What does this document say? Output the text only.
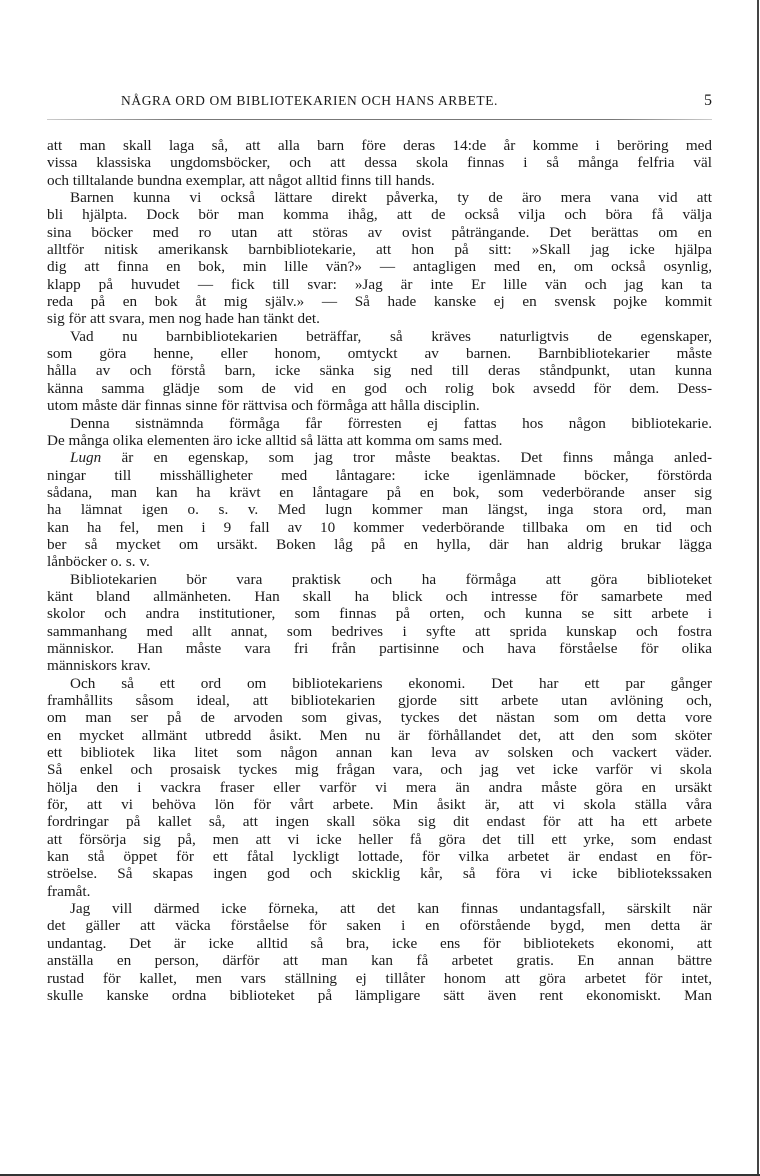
NÅGRA ORD OM BIBLIOTEKARIEN OCH HANS ARBETE.	5
att man skall laga så, att alla barn före deras 14:de år komme i beröring med
vissa klassiska ungdomsböcker, och att dessa skola finnas i så många felfria väl
och tilltalande bundna exemplar, att något alltid finns till hands.
Barnen kunna vi också lättare direkt påverka, ty de äro mera vana vid att
bli hjälpta. Dock bör man komma ihåg, att de också vilja och böra få välja
sina böcker med ro utan att störas av ovist påträngande. Det berättas om en
alltför nitisk amerikansk barnbibliotekarie, att hon på sitt: »Skall jag icke hjälpa
dig att finna en bok, min lille vän?» — antagligen med en, om också osynlig,
klapp på huvudet — fick till svar: »Jag är inte Er lille vän och jag kan ta
reda på en bok åt mig själv.» — Så hade kanske ej en svensk pojke kommit
sig för att svara, men nog hade han tänkt det.
Vad nu barnbibliotekarien beträffar, så kräves naturligtvis de egenskaper,
som göra henne, eller honom, omtyckt av barnen. Barnbibliotekarier måste
hålla av och förstå barn, icke sänka sig ned till deras ståndpunkt, utan kunna
känna samma glädje som de vid en god och rolig bok avsedd för dem. Dess-
utom måste där finnas sinne för rättvisa och förmåga att hålla disciplin.
Denna sistnämnda förmåga får förresten ej fattas hos någon bibliotekarie.
De många olika elementen äro icke alltid så lätta att komma om sams med.
Lugn är en egenskap, som jag tror måste beaktas. Det finns många anled-
ningar till misshälligheter med låntagare: icke igenlämnade böcker, förstörda
sådana, man kan ha krävt en låntagare på en bok, som vederbörande anser sig
ha lämnat igen o. s. v. Med lugn kommer man längst, inga stora ord, man
kan ha fel, men i 9 fall av 10 kommer vederbörande tillbaka om en tid och
ber så mycket om ursäkt. Boken låg på en hylla, där han aldrig brukar lägga
lånböcker o. s. v.
Bibliotekarien bör vara praktisk och ha förmåga att göra biblioteket
känt bland allmänheten. Han skall ha blick och intresse för samarbete med
skolor och andra institutioner, som finnas på orten, och kunna se sitt arbete i
sammanhang med allt annat, som bedrives i syfte att sprida kunskap och fostra
människor. Han måste vara fri från partisinne och hava förståelse för olika
människors krav.
Och så ett ord om bibliotekariens ekonomi. Det har ett par gånger
framhållits såsom ideal, att bibliotekarien gjorde sitt arbete utan avlöning och,
om man ser på de arvoden som givas, tyckes det nästan som om detta vore
en mycket allmänt utbredd åsikt. Men nu är förhållandet det, att den som sköter
ett bibliotek lika litet som någon annan kan leva av solsken och vackert väder.
Så enkel och prosaisk tyckes mig frågan vara, och jag vet icke varför vi skola
hölja den i vackra fraser eller varför vi mera än andra måste göra en ursäkt
för, att vi behöva lön för vårt arbete. Min åsikt är, att vi skola ställa våra
fordringar på kallet så, att ingen skall söka sig dit endast för att ha ett arbete
att försörja sig på, men att vi icke heller få göra det till ett yrke, som endast
kan stå öppet för ett fåtal lyckligt lottade, för vilka arbetet är endast en för-
ströelse. Så skapas ingen god och skicklig kår, så föra vi icke bibliotekssaken
framåt.
Jag vill därmed icke förneka, att det kan finnas undantagsfall, särskilt när
det gäller att väcka förståelse för saken i en oförstående bygd, men detta är
undantag. Det är icke alltid så bra, icke ens för bibliotekets ekonomi, att
anställa en person, därför att man kan få arbetet gratis. En annan bättre
rustad för kallet, men vars ställning ej tillåter honom att göra arbetet för intet,
skulle kanske ordna biblioteket på lämpligare sätt även rent ekonomiskt. Man
